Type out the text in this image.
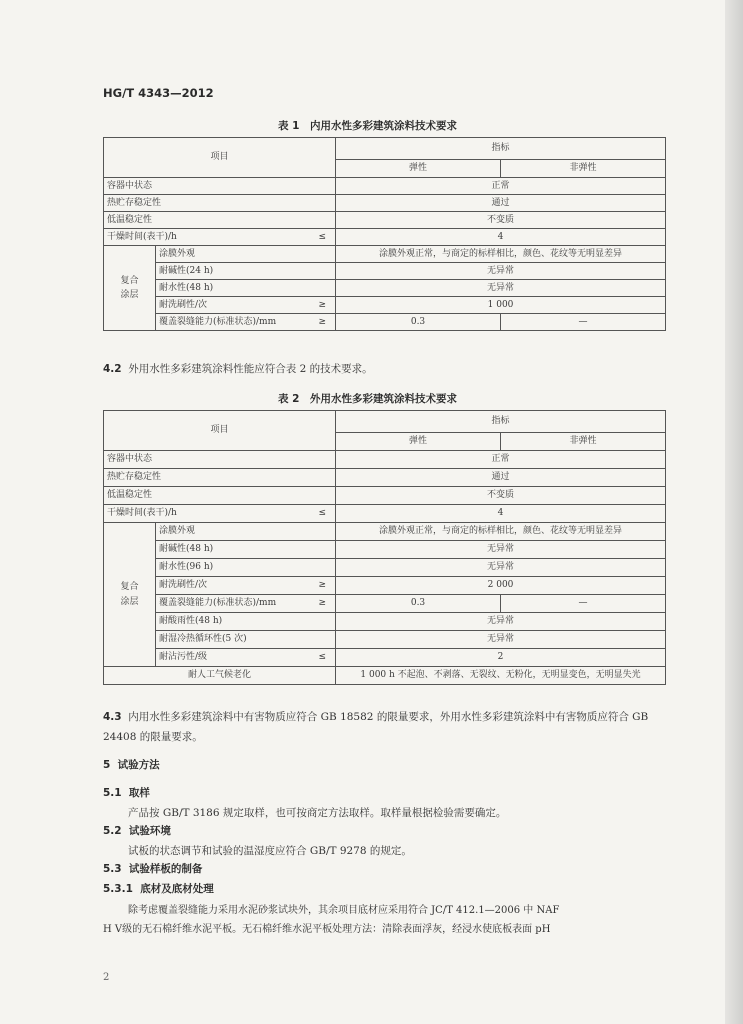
HG/T 4343—2012
表 1　内用水性多彩建筑涂料技术要求
项目		指标	
		弹性	非弹性
容器中状态		正常	
热贮存稳定性		通过	
低温稳定性		不变质	
干燥时间(表干)/h ≤		4	
复合涂层	涂膜外观	涂膜外观正常，与商定的标样相比，颜色、花纹等无明显差异	
	耐碱性(24 h)	无异常	
	耐水性(48 h)	无异常	
	耐洗刷性/次 ≥	1 000	
	覆盖裂缝能力(标准状态)/mm ≥	0.3	—
4.2 外用水性多彩建筑涂料性能应符合表 2 的技术要求。
表 2　外用水性多彩建筑涂料技术要求
项目		指标	
		弹性	非弹性
容器中状态		正常	
热贮存稳定性		通过	
低温稳定性		不变质	
干燥时间(表干)/h ≤		4	
复合涂层	涂膜外观	涂膜外观正常，与商定的标样相比，颜色、花纹等无明显差异	
	耐碱性(48 h)	无异常	
	耐水性(96 h)	无异常	
	耐洗刷性/次 ≥	2 000	
	覆盖裂缝能力(标准状态)/mm ≥	0.3	—
	耐酸雨性(48 h)	无异常	
	耐湿冷热循环性(5 次)	无异常	
	耐沾污性/级 ≤	2	
耐人工气候老化		1 000 h 不起泡、不剥落、无裂纹、无粉化，无明显变色，无明显失光	
4.3 内用水性多彩建筑涂料中有害物质应符合 GB 18582 的限量要求，外用水性多彩建筑涂料中有害物质应符合 GB 24408 的限量要求。
5 试验方法
5.1 取样
产品按 GB/T 3186 规定取样，也可按商定方法取样。取样量根据检验需要确定。
5.2 试验环境
试板的状态调节和试验的温湿度应符合 GB/T 9278 的规定。
5.3 试验样板的制备
5.3.1 底材及底材处理
除考虑覆盖裂缝能力采用水泥砂浆试块外，其余项目底材应采用符合 JC/T 412.1—2006 中 NAF
H Ⅴ级的无石棉纤维水泥平板。无石棉纤维水泥平板处理方法：清除表面浮灰，经浸水使底板表面 pH
2
